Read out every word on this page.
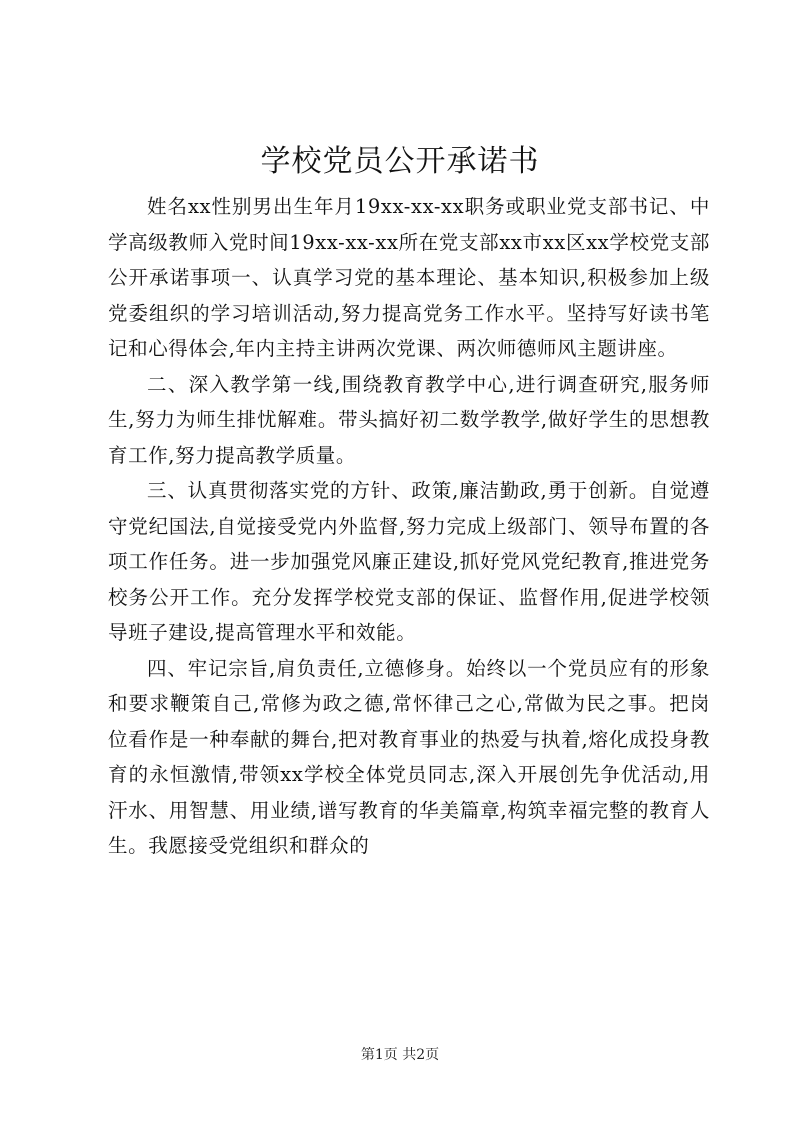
学校党员公开承诺书

姓名xx性别男出生年月19xx-xx-xx职务或职业党支部书记、中学高级教师入党时间19xx-xx-xx所在党支部xx市xx区xx学校党支部公开承诺事项一、认真学习党的基本理论、基本知识,积极参加上级党委组织的学习培训活动,努力提高党务工作水平。坚持写好读书笔记和心得体会,年内主持主讲两次党课、两次师德师风主题讲座。

二、深入教学第一线,围绕教育教学中心,进行调查研究,服务师生,努力为师生排忧解难。带头搞好初二数学教学,做好学生的思想教育工作,努力提高教学质量。

三、认真贯彻落实党的方针、政策,廉洁勤政,勇于创新。自觉遵守党纪国法,自觉接受党内外监督,努力完成上级部门、领导布置的各项工作任务。进一步加强党风廉正建设,抓好党风党纪教育,推进党务校务公开工作。充分发挥学校党支部的保证、监督作用,促进学校领导班子建设,提高管理水平和效能。

四、牢记宗旨,肩负责任,立德修身。始终以一个党员应有的形象和要求鞭策自己,常修为政之德,常怀律己之心,常做为民之事。把岗位看作是一种奉献的舞台,把对教育事业的热爱与执着,熔化成投身教育的永恒激情,带领xx学校全体党员同志,深入开展创先争优活动,用汗水、用智慧、用业绩,谱写教育的华美篇章,构筑幸福完整的教育人生。我愿接受党组织和群众的

第1页 共2页
